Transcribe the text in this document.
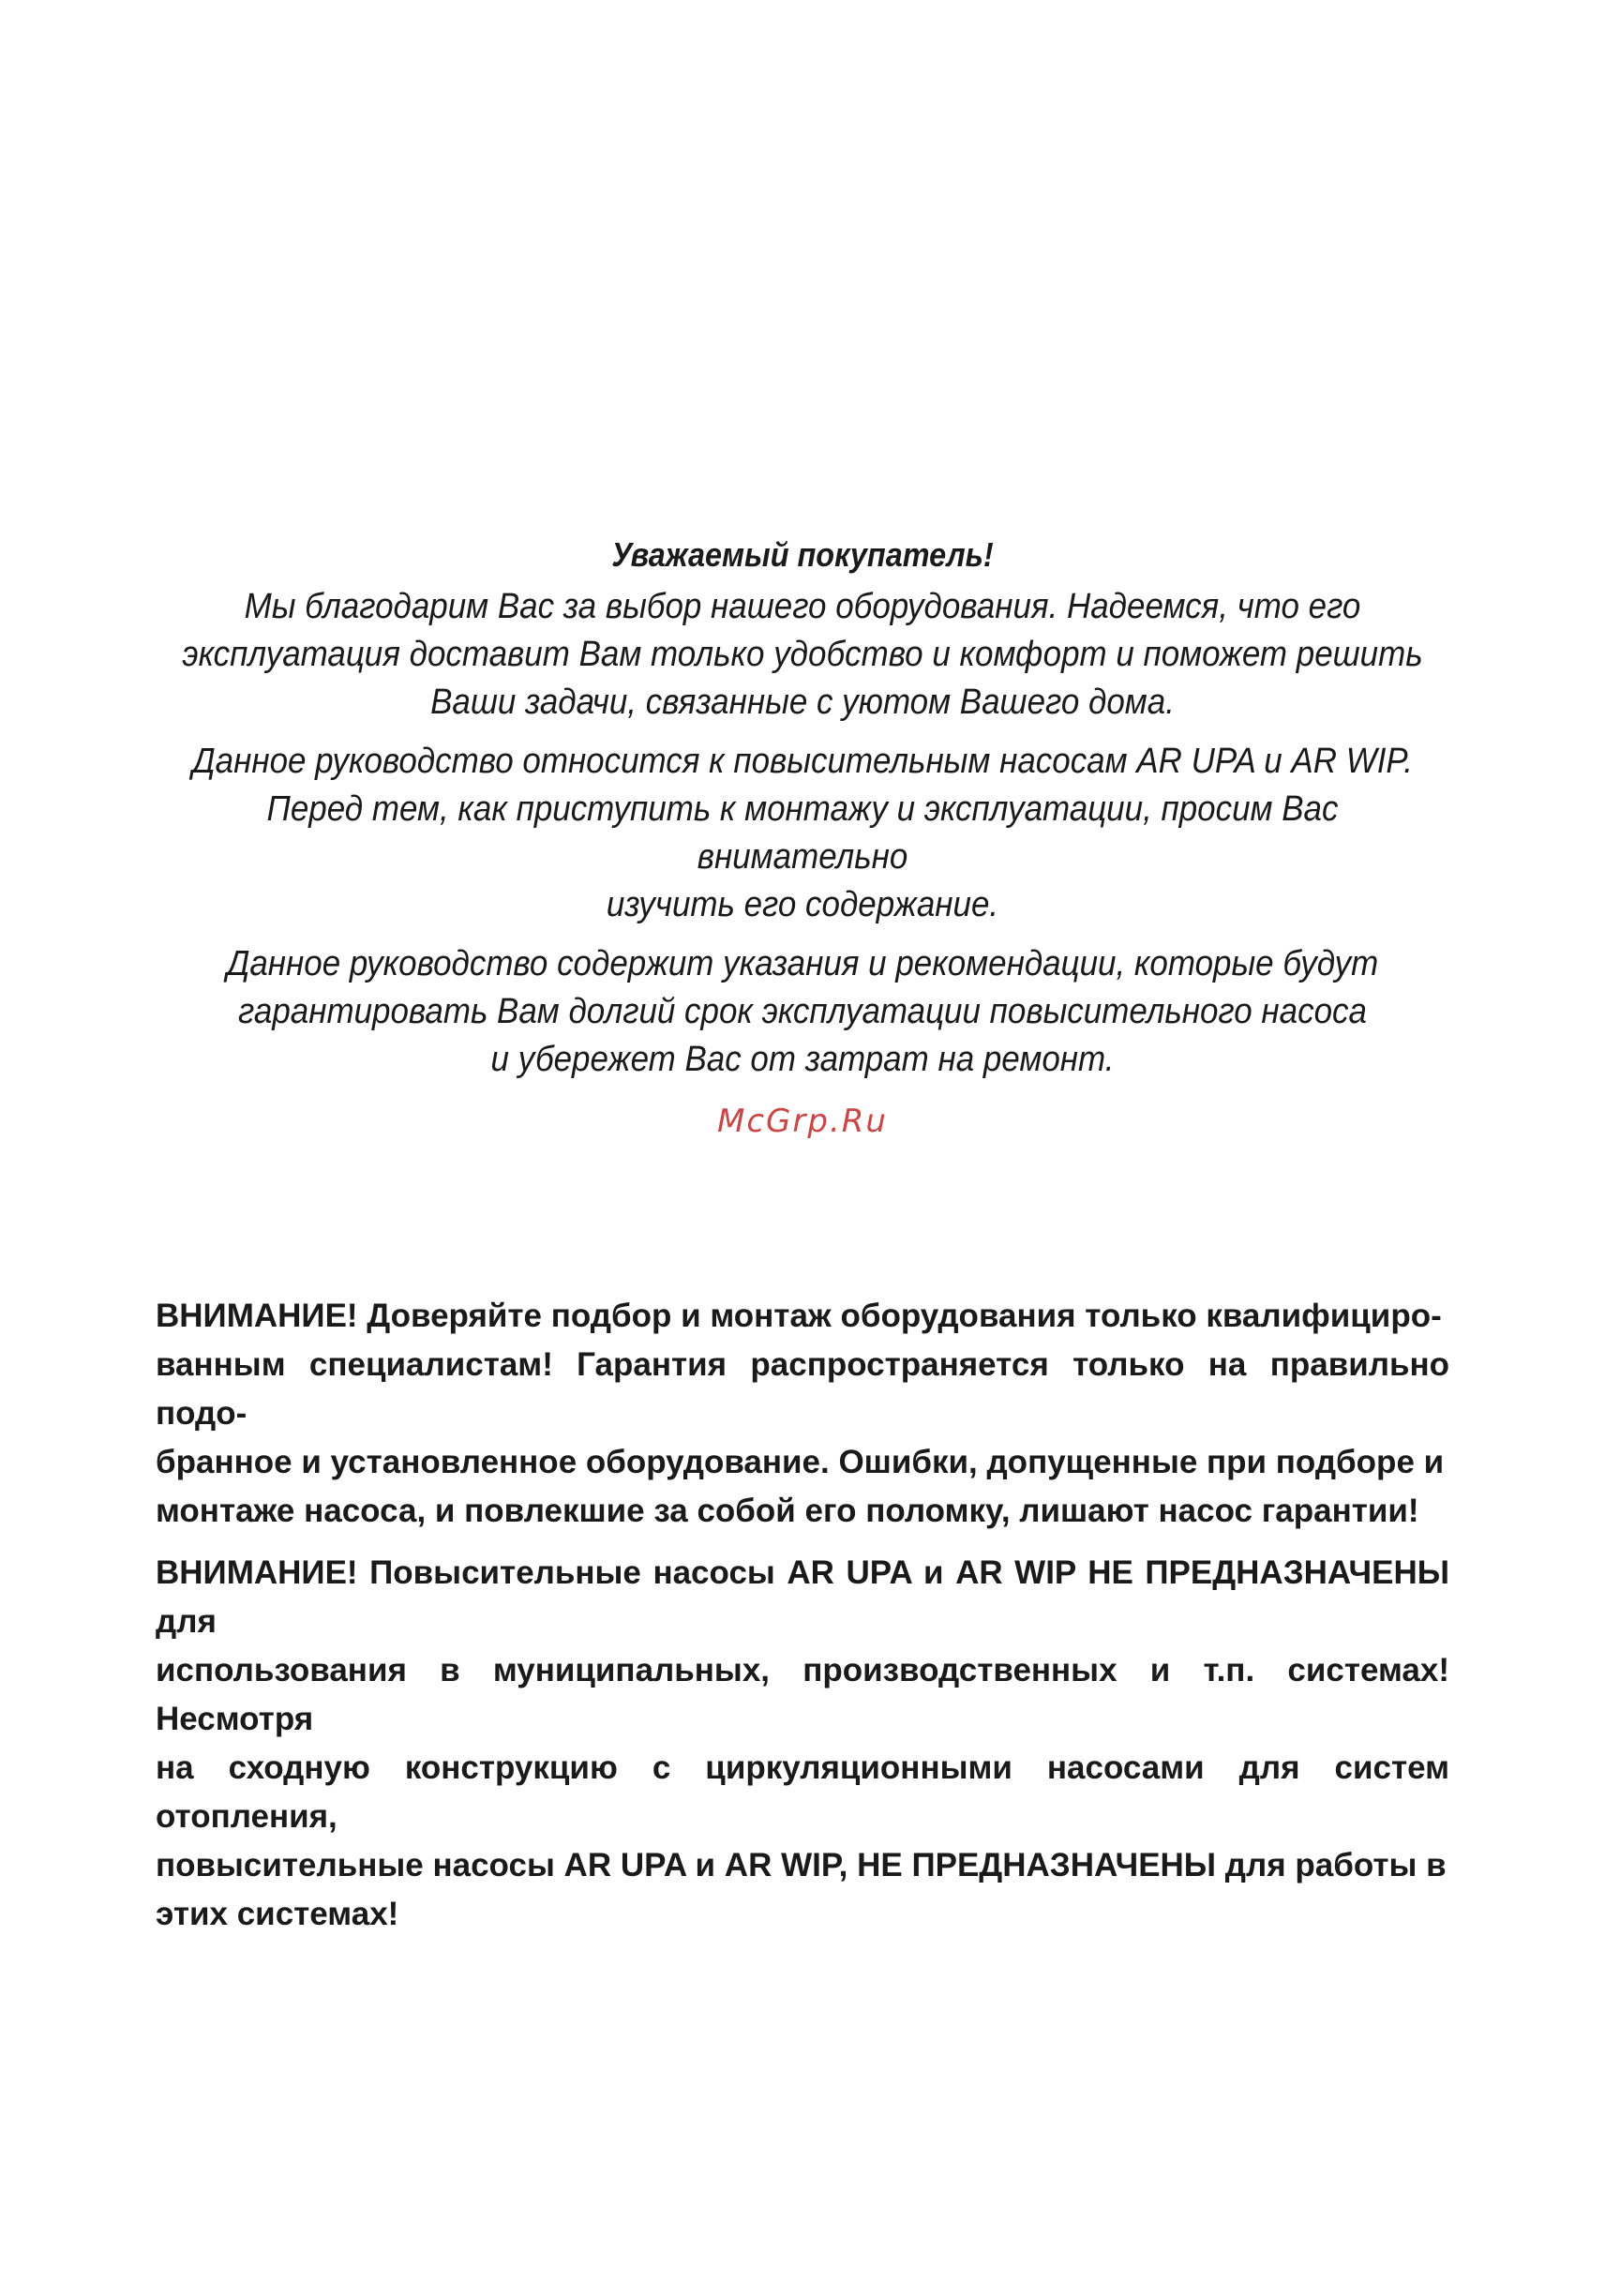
Уважаемый покупатель!

Мы благодарим Вас за выбор нашего оборудования. Надеемся, что его
эксплуатация доставит Вам только удобство и комфорт и поможет решить
Ваши задачи, связанные с уютом Вашего дома.

Данное руководство относится к повысительным насосам AR UPA и AR WIP.
Перед тем, как приступить к монтажу и эксплуатации, просим Вас внимательно
изучить его содержание.

Данное руководство содержит указания и рекомендации, которые будут
гарантировать Вам долгий срок эксплуатации повысительного насоса
и убережет Вас от затрат на ремонт.

McGrp.Ru

ВНИМАНИЕ! Доверяйте подбор и монтаж оборудования только квалифициро-
ванным специалистам! Гарантия распространяется только на правильно подо-
бранное и установленное оборудование. Ошибки, допущенные при подборе и
монтаже насоса, и повлекшие за собой его поломку, лишают насос гарантии!

ВНИМАНИЕ! Повысительные насосы AR UPA и AR WIP НЕ ПРЕДНАЗНАЧЕНЫ для
использования в муниципальных, производственных и т.п. системах! Несмотря
на сходную конструкцию с циркуляционными насосами для систем отопления,
повысительные насосы AR UPA и AR WIP, НЕ ПРЕДНАЗНАЧЕНЫ для работы в
этих системах!
